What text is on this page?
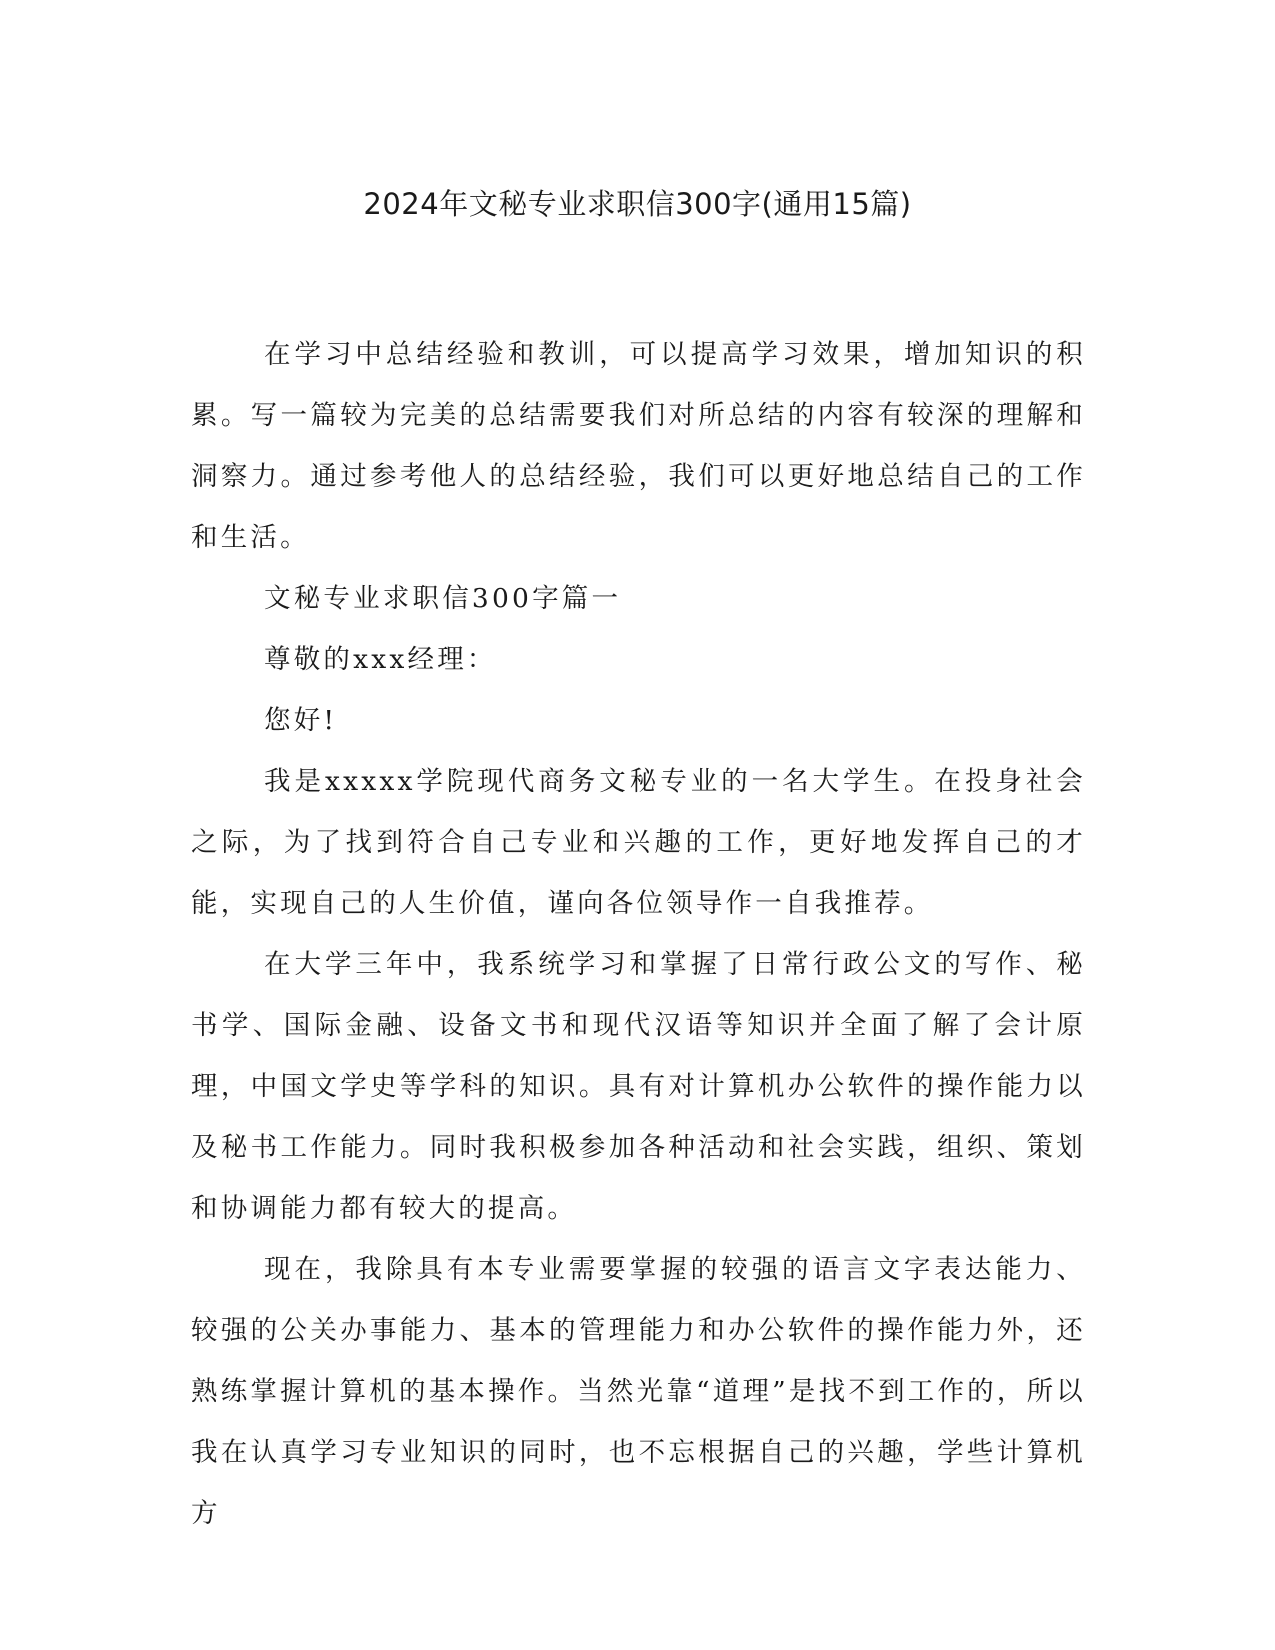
2024年文秘专业求职信300字(通用15篇)

在学习中总结经验和教训，可以提高学习效果，增加知识的积累。写一篇较为完美的总结需要我们对所总结的内容有较深的理解和洞察力。通过参考他人的总结经验，我们可以更好地总结自己的工作和生活。

文秘专业求职信300字篇一

尊敬的xxx经理：

您好!

我是xxxxx学院现代商务文秘专业的一名大学生。在投身社会之际，为了找到符合自己专业和兴趣的工作，更好地发挥自己的才能，实现自己的人生价值，谨向各位领导作一自我推荐。

在大学三年中，我系统学习和掌握了日常行政公文的写作、秘书学、国际金融、设备文书和现代汉语等知识并全面了解了会计原理，中国文学史等学科的知识。具有对计算机办公软件的操作能力以及秘书工作能力。同时我积极参加各种活动和社会实践，组织、策划和协调能力都有较大的提高。

现在，我除具有本专业需要掌握的较强的语言文字表达能力、较强的公关办事能力、基本的管理能力和办公软件的操作能力外，还熟练掌握计算机的基本操作。当然光靠“道理”是找不到工作的，所以我在认真学习专业知识的同时，也不忘根据自己的兴趣，学些计算机方
